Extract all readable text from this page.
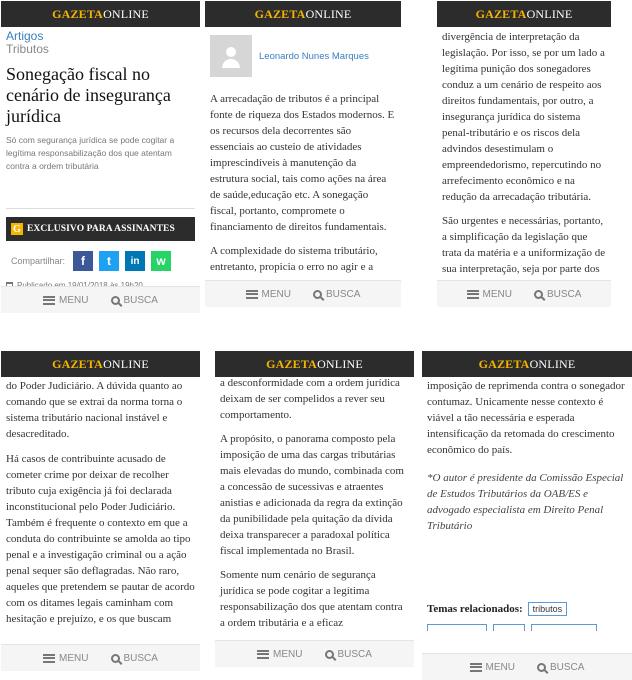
GAZETAONLINE
Artigos
Tributos
Sonegação fiscal no cenário de insegurança jurídica
Só com segurança jurídica se pode cogitar a legítima responsabilização dos que atentam contra a ordem tributária
G EXCLUSIVO PARA ASSINANTES
Compartilhar:	f	t	in	w
MENU	BUSCA
GAZETAONLINE
Leonardo Nunes Marques

A arrecadação de tributos é a principal fonte de riqueza dos Estados modernos. E os recursos dela decorrentes são essenciais ao custeio de atividades imprescindíveis à manutenção da estrutura social, tais como ações na área de saúde,educação etc. A sonegação fiscal, portanto, compromete o financiamento de direitos fundamentais.

A complexidade do sistema tributário, entretanto, propicia o erro no agir e a

MENU	BUSCA
GAZETAONLINE

divergência de interpretação da legislação. Por isso, se por um lado a legítima punição dos sonegadores conduz a um cenário de respeito aos direitos fundamentais, por outro, a insegurança jurídica do sistema penal-tributário e os riscos dela advindos desestimulam o empreendedorismo, repercutindo no arrefecimento econômico e na redução da arrecadação tributária.

São urgentes e necessárias, portanto, a simplificação da legislação que trata da matéria e a uniformização de sua interpretação, seja por parte dos

MENU	BUSCA
GAZETAONLINE

do Poder Judiciário. A dúvida quanto ao comando que se extrai da norma torna o sistema tributário nacional instável e desacreditado.

Há casos de contribuinte acusado de cometer crime por deixar de recolher tributo cuja exigência já foi declarada inconstitucional pelo Poder Judiciário. Também é frequente o contexto em que a conduta do contribuinte se amolda ao tipo penal e a investigação criminal ou a ação penal sequer são deflagradas. Não raro, aqueles que pretendem se pautar de acordo com os ditames legais caminham com hesitação e prejuízo, e os que buscam

MENU	BUSCA
GAZETAONLINE

a desconformidade com a ordem jurídica deixam de ser compelidos a rever seu comportamento.

A propósito, o panorama composto pela imposição de uma das cargas tributárias mais elevadas do mundo, combinada com a concessão de sucessivas e atraentes anistias e adicionada da regra da extinção da punibilidade pela quitação da dívida deixa transparecer a paradoxal política fiscal implementada no Brasil.

Somente num cenário de segurança jurídica se pode cogitar a legítima responsabilização dos que atentam contra a ordem tributária e a eficaz

MENU	BUSCA
GAZETAONLINE

imposição de reprimenda contra o sonegador contumaz. Unicamente nesse contexto é viável a tão necessária e esperada intensificação da retomada do crescimento econômico do país.

*O autor é presidente da Comissão Especial de Estudos Tributários da OAB/ES e advogado especialista em Direito Penal Tributário

Temas relacionados:	tributos
MENU	BUSCA
